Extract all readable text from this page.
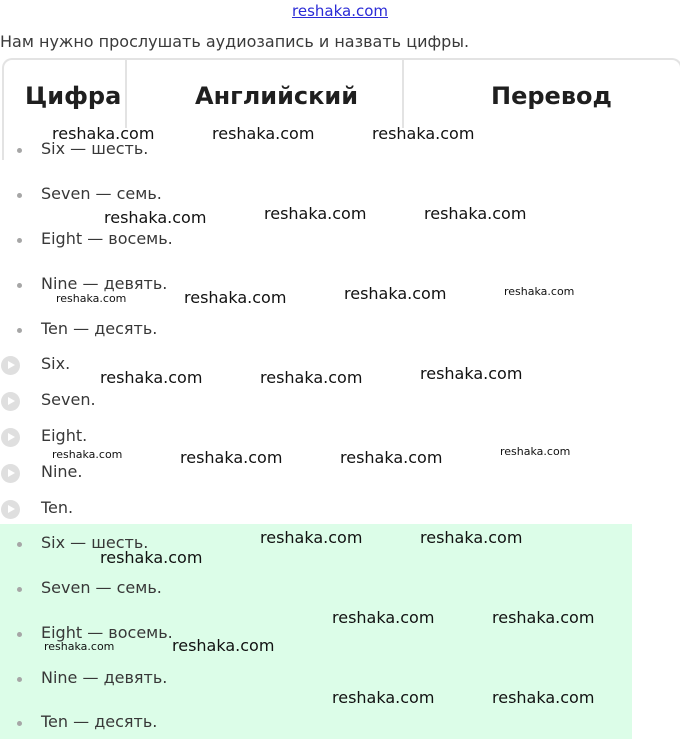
reshaka.com
Нам нужно прослушать аудиозапись и назвать цифры.
Цифра	Английский	Перевод
Six — шесть.
Seven — семь.
Eight — восемь.
Nine — девять.
Ten — десять.
Six.
Seven.
Eight.
Nine.
Ten.
Six — шесть.
Seven — семь.
Eight — восемь.
Nine — девять.
Ten — десять.
reshaka.com	reshaka.com	reshaka.com
reshaka.com	reshaka.com	reshaka.com
reshaka.com	reshaka.com	reshaka.com	reshaka.com
reshaka.com	reshaka.com	reshaka.com
reshaka.com	reshaka.com	reshaka.com	reshaka.com
reshaka.com	reshaka.com
reshaka.com
reshaka.com	reshaka.com
reshaka.com	reshaka.com
reshaka.com	reshaka.com
